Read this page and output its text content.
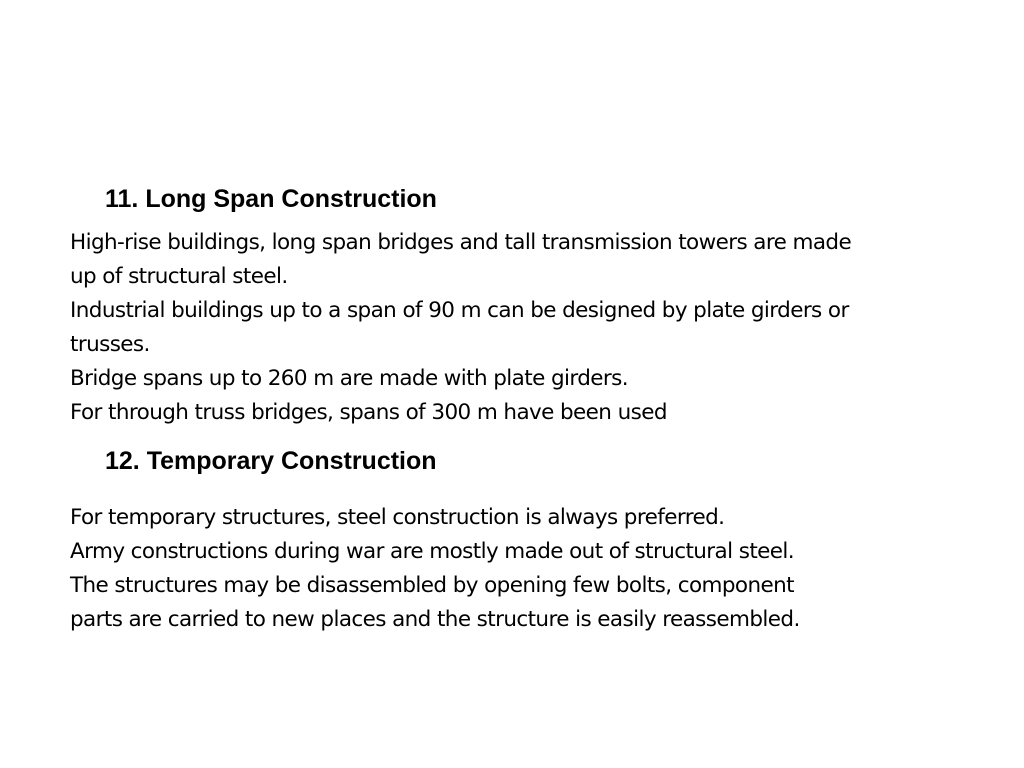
11. Long Span Construction

High-rise buildings, long span bridges and tall transmission towers are made
up of structural steel.
Industrial buildings up to a span of 90 m can be designed by plate girders or
trusses.
Bridge spans up to 260 m are made with plate girders.
For through truss bridges, spans of 300 m have been used

12. Temporary Construction

For temporary structures, steel construction is always preferred.
Army constructions during war are mostly made out of structural steel.
The structures may be disassembled by opening few bolts, component
parts are carried to new places and the structure is easily reassembled.
